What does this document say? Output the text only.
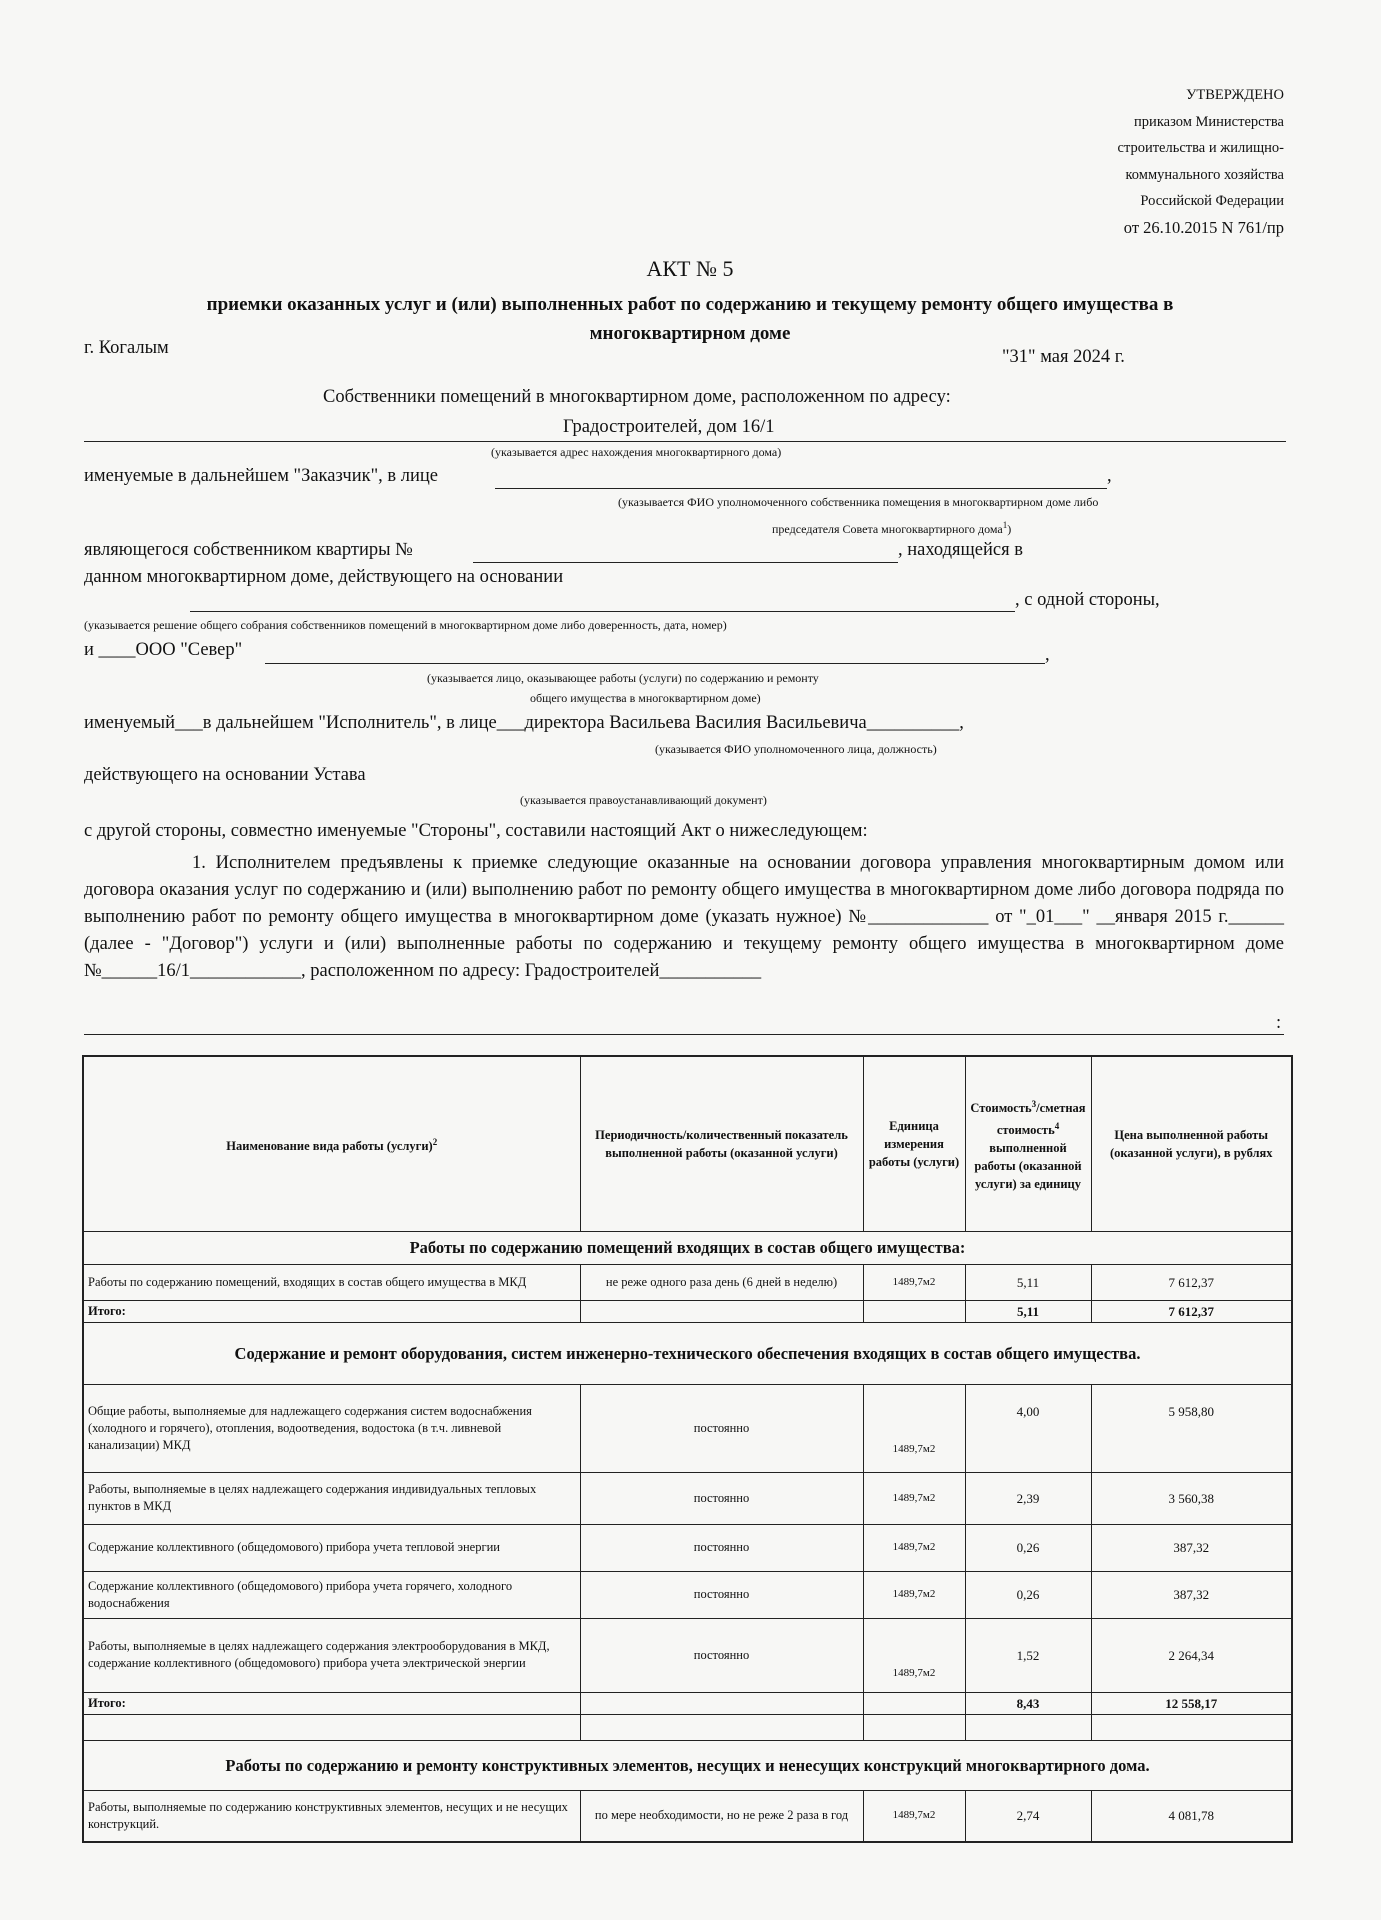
УТВЕРЖДЕНО
приказом Министерства
строительства и жилищно-
коммунального хозяйства
Российской Федерации
от 26.10.2015 N 761/пр
АКТ № 5
приемки оказанных услуг и (или) выполненных работ по содержанию и текущему ремонту общего имущества в
многоквартирном доме
г. Когалым	"31" мая 2024 г.
Собственники помещений в многоквартирном доме, расположенном по адресу:
Градостроителей, дом 16/1
(указывается адрес нахождения многоквартирного дома)
именуемые в дальнейшем "Заказчик", в лице	,
(указывается ФИО уполномоченного собственника помещения в многоквартирном доме либо
председателя Совета многоквартирного дома$^1$)
являющегося собственником квартиры №	, находящейся в
данном многоквартирном доме, действующего на основании
, с одной стороны,
(указывается решение общего собрания собственников помещений в многоквартирном доме либо доверенность, дата, номер)
и ____ООО "Север"	,
(указывается лицо, оказывающее работы (услуги) по содержанию и ремонту
общего имущества в многоквартирном доме)
именуемый___в дальнейшем "Исполнитель", в лице___директора Васильева Василия Васильевича__________,
(указывается ФИО уполномоченного лица, должность)
действующего на основании Устава
(указывается правоустанавливающий документ)
с другой стороны, совместно именуемые "Стороны", составили настоящий Акт о нижеследующем:
1. Исполнителем предъявлены к приемке следующие оказанные на основании договора управления многоквартирным домом или договора оказания услуг по содержанию и (или) выполнению работ по ремонту общего имущества в многоквартирном доме либо договора подряда по выполнению работ по ремонту общего имущества в многоквартирном доме (указать нужное) №_____________ от "_01___" __января 2015 г.______ (далее - "Договор") услуги и (или) выполненные работы по содержанию и текущему ремонту общего имущества в многоквартирном доме №______16/1____________, расположенном по адресу: Градостроителей___________
:
Наименование вида работы (услуги)$^2$	Периодичность/количественный показатель выполненной работы (оказанной услуги)	Единица измерения работы (услуги)	Стоимость$^3$/сметная стоимость$^4$ выполненной работы (оказанной услуги) за единицу	Цена выполненной работы (оказанной услуги), в рублях
Работы по содержанию помещений входящих в состав общего имущества:				
Работы по содержанию помещений, входящих в состав общего имущества в МКД	не реже одного раза день (6 дней в неделю)	1489,7м2	5,11	7 612,37
Итого:			5,11	7 612,37
Содержание и ремонт оборудования, систем инженерно-технического обеспечения входящих в состав общего имущества.				
Общие работы, выполняемые для надлежащего содержания систем водоснабжения (холодного и горячего), отопления, водоотведения, водостока (в т.ч. ливневой канализации) МКД	постоянно	1489,7м2	4,00	5 958,80
Работы, выполняемые в целях надлежащего содержания индивидуальных тепловых пунктов в МКД	постоянно	1489,7м2	2,39	3 560,38
Содержание коллективного (общедомового) прибора учета тепловой энергии	постоянно	1489,7м2	0,26	387,32
Содержание коллективного (общедомового) прибора учета горячего, холодного водоснабжения	постоянно	1489,7м2	0,26	387,32
Работы, выполняемые в целях надлежащего содержания электрооборудования в МКД, содержание коллективного (общедомового) прибора учета электрической энергии	постоянно	1489,7м2	1,52	2 264,34
Итого:			8,43	12 558,17

Работы по содержанию и ремонту конструктивных элементов, несущих и ненесущих конструкций многоквартирного дома.				
Работы, выполняемые по содержанию конструктивных элементов, несущих и не несущих конструкций.	по мере необходимости, но не реже 2 раза в год	1489,7м2	2,74	4 081,78
